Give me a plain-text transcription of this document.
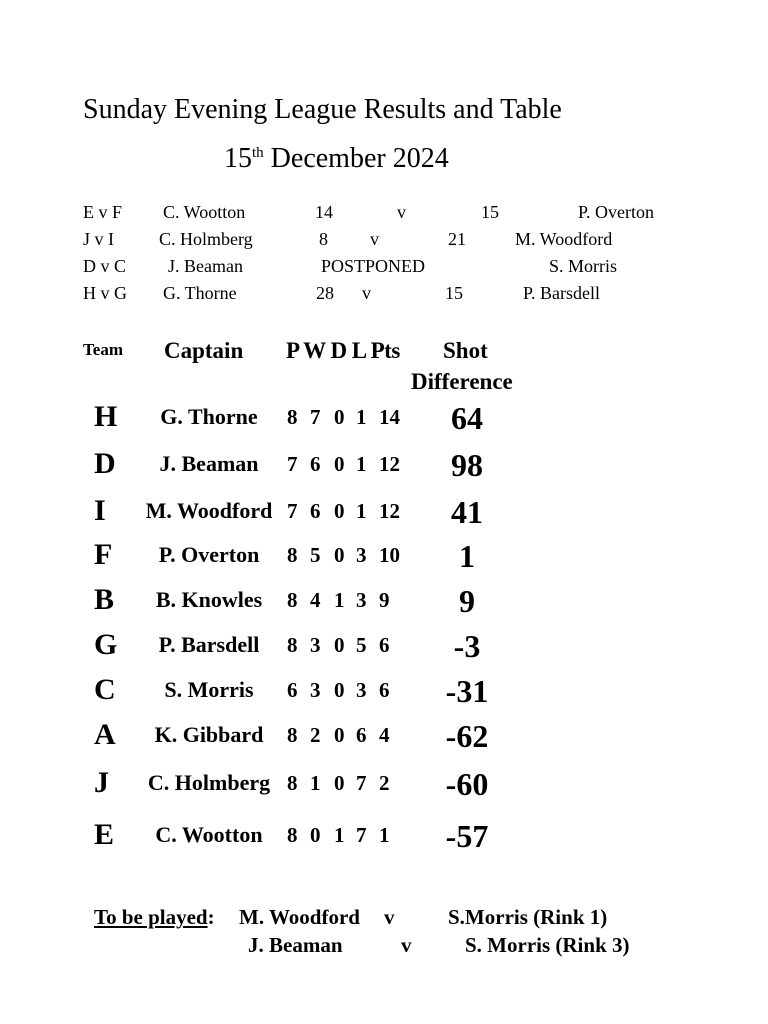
Sunday Evening League Results and Table
15th December 2024
E v F C. Wootton	14	v	15	P. Overton
J v I	C. Holmberg	8 v	21	M. Woodford
D v C J. Beaman	POSTPONED	S. Morris
H v G G. Thorne	28 v	15	P. Barsdell
Team Captain P W D L Pts Shot
Difference
H	G. Thorne	8 7 0 1 14	64
D	J. Beaman	7 6 0 1 12	98
I	M. Woodford 7 6 0 1 12	41
F	P. Overton	8 5 0 3 10	1
B	B. Knowles	8 4 1 3 9	9
G	P. Barsdell	8 3 0 5 6	-3
C	S. Morris	6 3 0 3 6	-31
A	K. Gibbard	8 2 0 6 4	-62
J	C. Holmberg 8 1 0 7 2	-60
E	C. Wootton	8 0 1 7 1	-57
To be played: M. Woodford v	S.Morris (Rink 1)
J. Beaman	v	S. Morris (Rink 3)
